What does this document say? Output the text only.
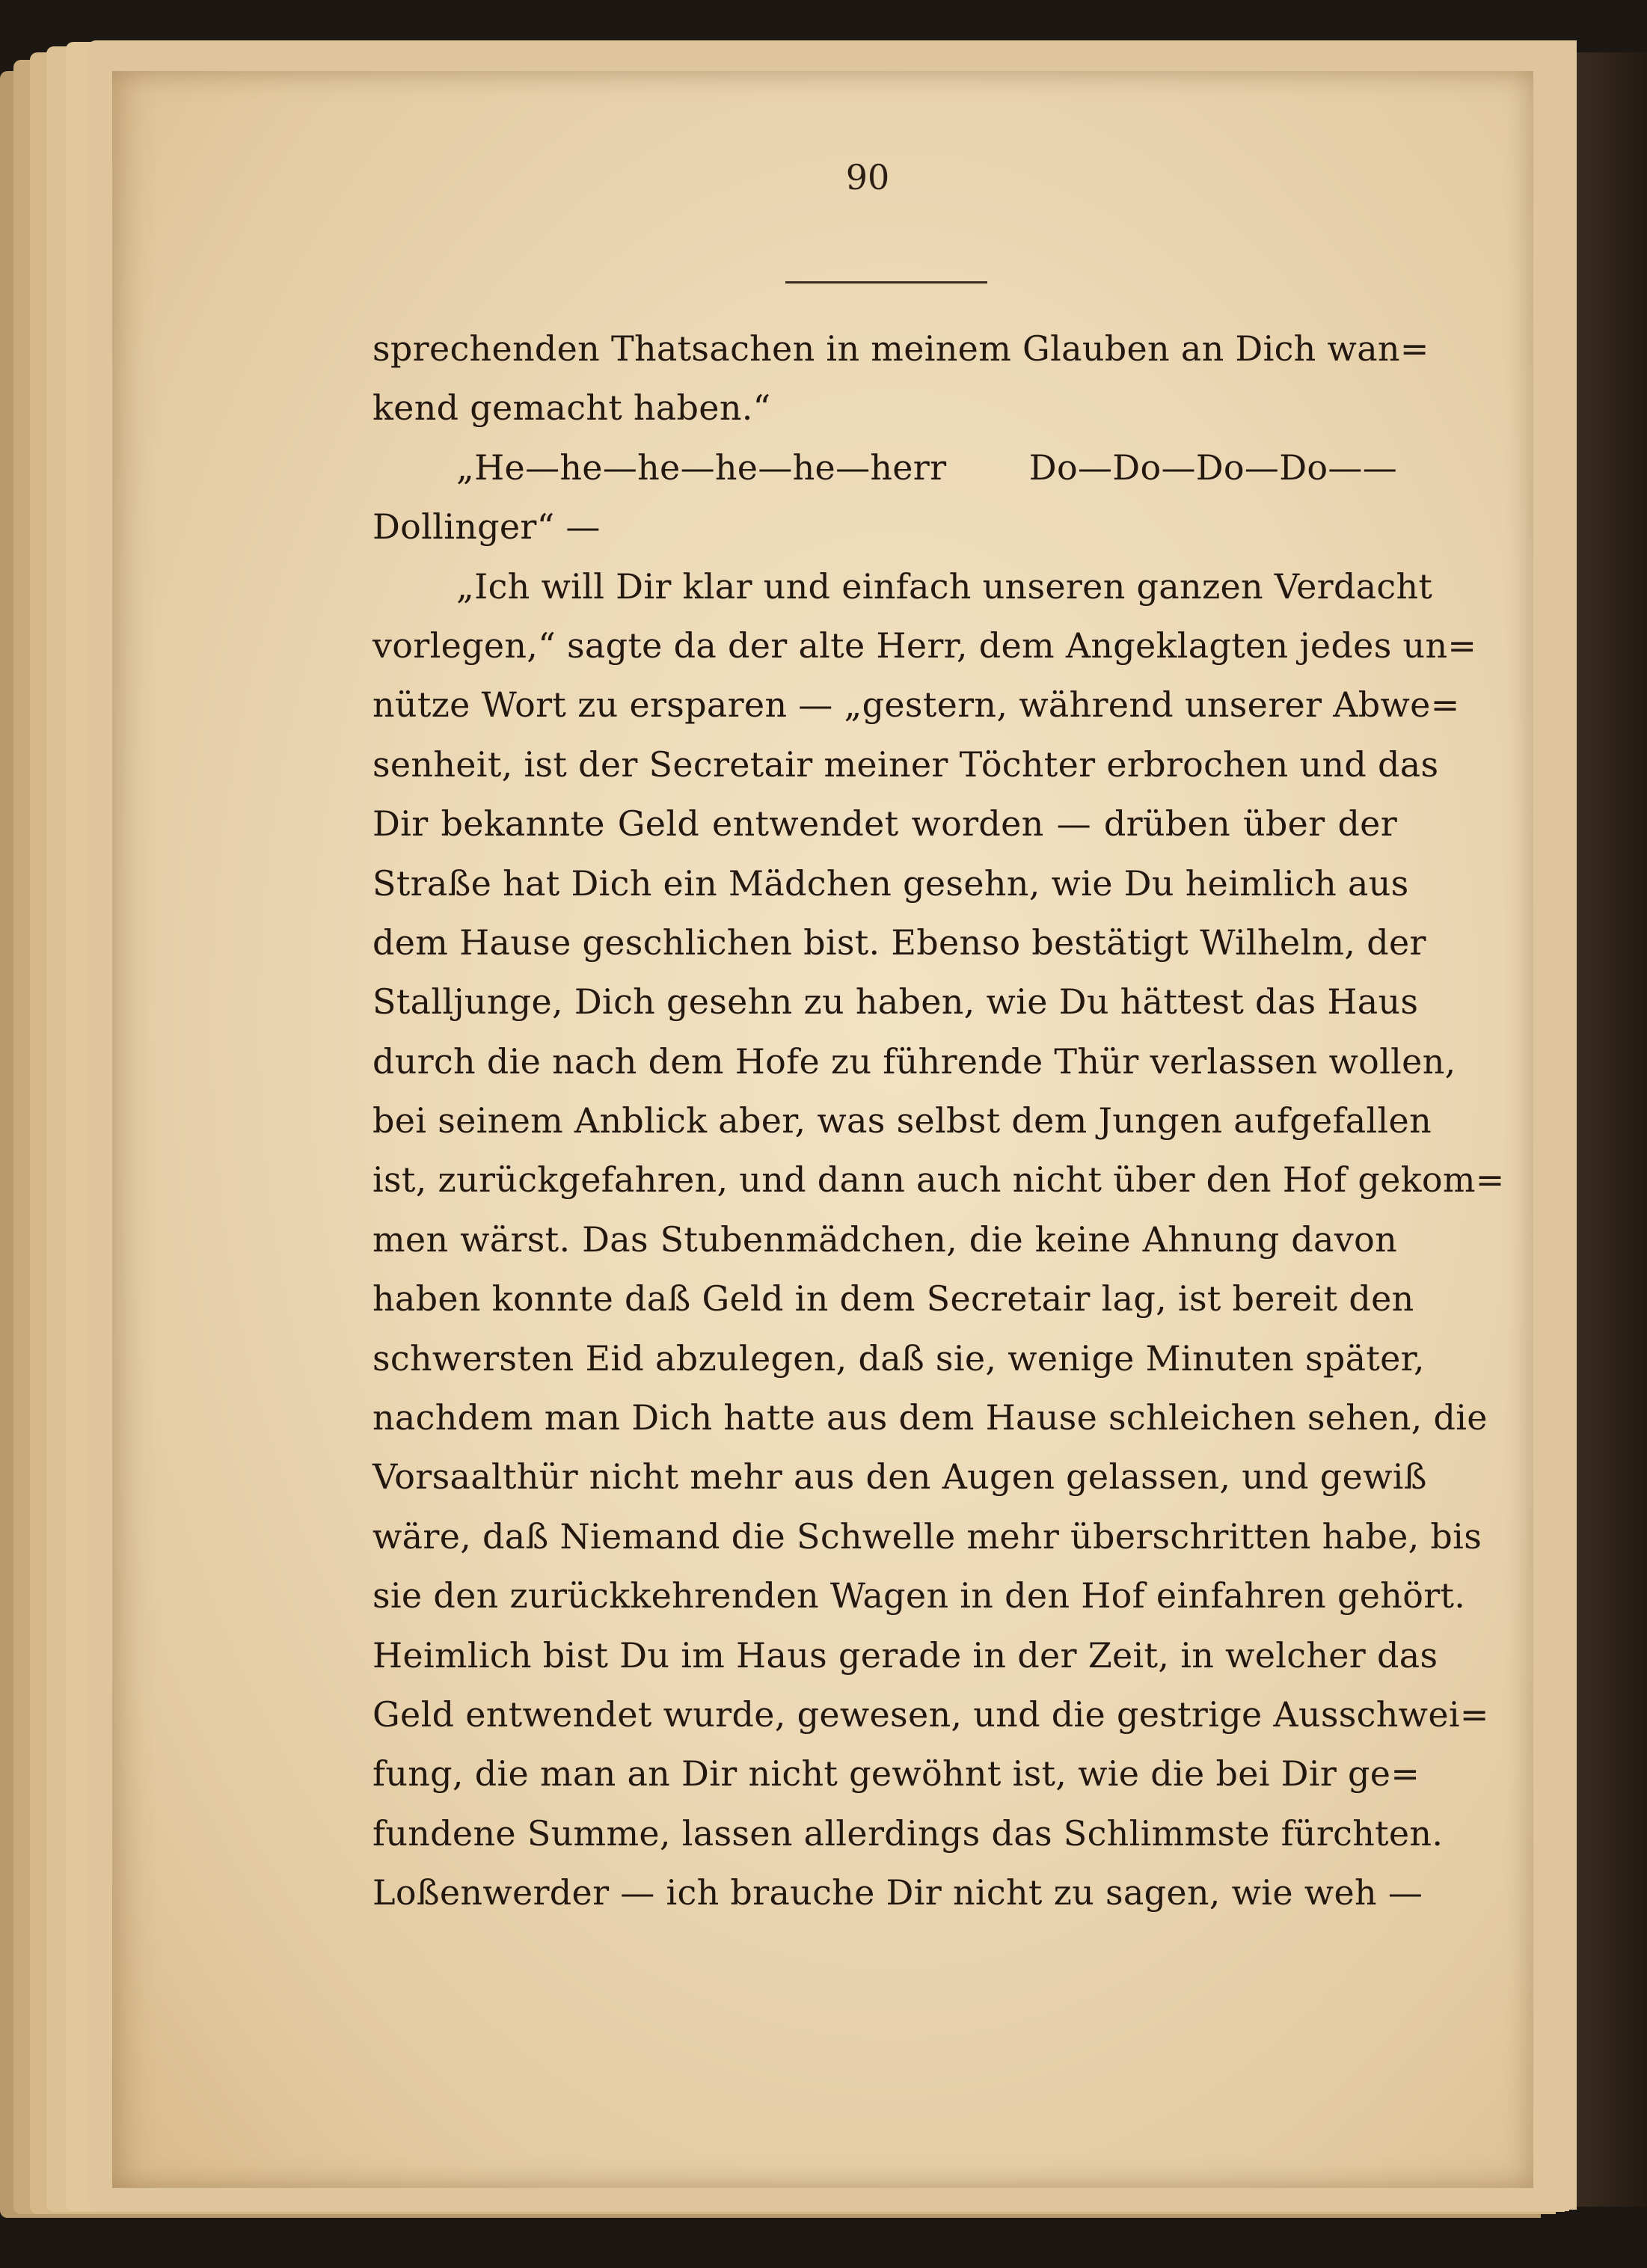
90
sprechenden Thatsachen in meinem Glauben an Dich wan=
kend gemacht haben.“
„He—he—he—he—he—herr Do—Do—Do—Do——
Dollinger“ —
„Ich will Dir klar und einfach unseren ganzen Verdacht
vorlegen,“ sagte da der alte Herr, dem Angeklagten jedes un=
nütze Wort zu ersparen — „gestern, während unserer Abwe=
senheit, ist der Secretair meiner Töchter erbrochen und das
Dir bekannte Geld entwendet worden — drüben über der
Straße hat Dich ein Mädchen gesehn, wie Du heimlich aus
dem Hause geschlichen bist. Ebenso bestätigt Wilhelm, der
Stalljunge, Dich gesehn zu haben, wie Du hättest das Haus
durch die nach dem Hofe zu führende Thür verlassen wollen,
bei seinem Anblick aber, was selbst dem Jungen aufgefallen
ist, zurückgefahren, und dann auch nicht über den Hof gekom=
men wärst. Das Stubenmädchen, die keine Ahnung davon
haben konnte daß Geld in dem Secretair lag, ist bereit den
schwersten Eid abzulegen, daß sie, wenige Minuten später,
nachdem man Dich hatte aus dem Hause schleichen sehen, die
Vorsaalthür nicht mehr aus den Augen gelassen, und gewiß
wäre, daß Niemand die Schwelle mehr überschritten habe, bis
sie den zurückkehrenden Wagen in den Hof einfahren gehört.
Heimlich bist Du im Haus gerade in der Zeit, in welcher das
Geld entwendet wurde, gewesen, und die gestrige Ausschwei=
fung, die man an Dir nicht gewöhnt ist, wie die bei Dir ge=
fundene Summe, lassen allerdings das Schlimmste fürchten.
Loßenwerder — ich brauche Dir nicht zu sagen, wie weh —
